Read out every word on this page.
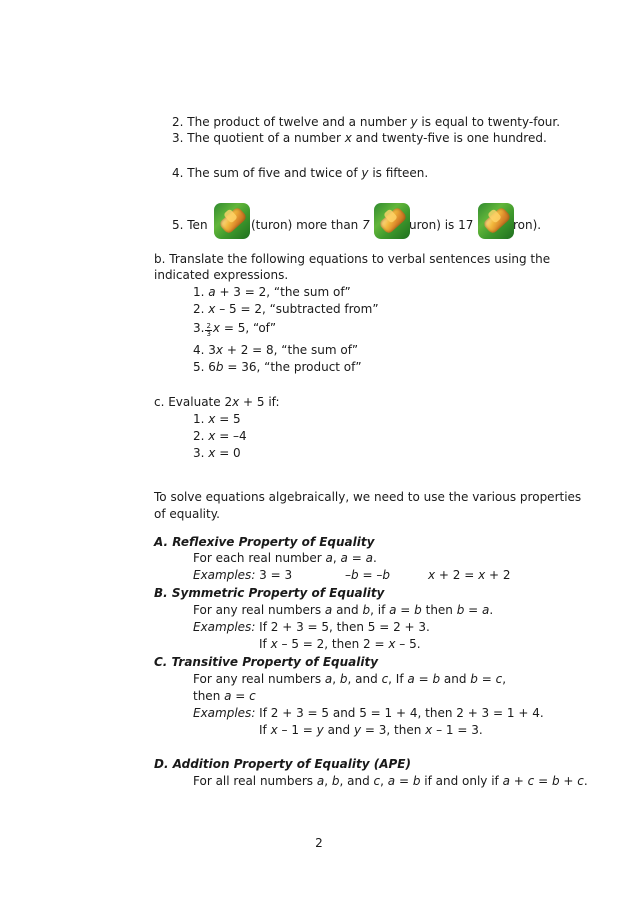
2. The product of twelve and a number y is equal to twenty-four.
3. The quotient of a number x and twenty-five is one hundred.
4. The sum of five and twice of y is fifteen.
5. Ten	(turon) more than 7	uron) is 17	ron).
b. Translate the following equations to verbal sentences using the
indicated expressions.
1. a + 3 = 2, “the sum of”
2. x – 5 = 2, “subtracted from”
3. $\frac{2}{3}$ x = 5, “of”
4. 3x + 2 = 8, “the sum of”
5. 6b = 36, “the product of”
c. Evaluate 2x + 5 if:
1. x = 5
2. x = –4
3. x = 0
To solve equations algebraically, we need to use the various properties
of equality.
A. Reflexive Property of Equality
For each real number a, a = a.
Examples: 3 = 3	–b = –b	x + 2 = x + 2
B. Symmetric Property of Equality
For any real numbers a and b, if a = b then b = a.
Examples: If 2 + 3 = 5, then 5 = 2 + 3.
If x – 5 = 2, then 2 = x – 5.
C. Transitive Property of Equality
For any real numbers a, b, and c, If a = b and b = c,
then a = c
Examples: If 2 + 3 = 5 and 5 = 1 + 4, then 2 + 3 = 1 + 4.
If x – 1 = y and y = 3, then x – 1 = 3.
D. Addition Property of Equality (APE)
For all real numbers a, b, and c, a = b if and only if a + c = b + c.
2
